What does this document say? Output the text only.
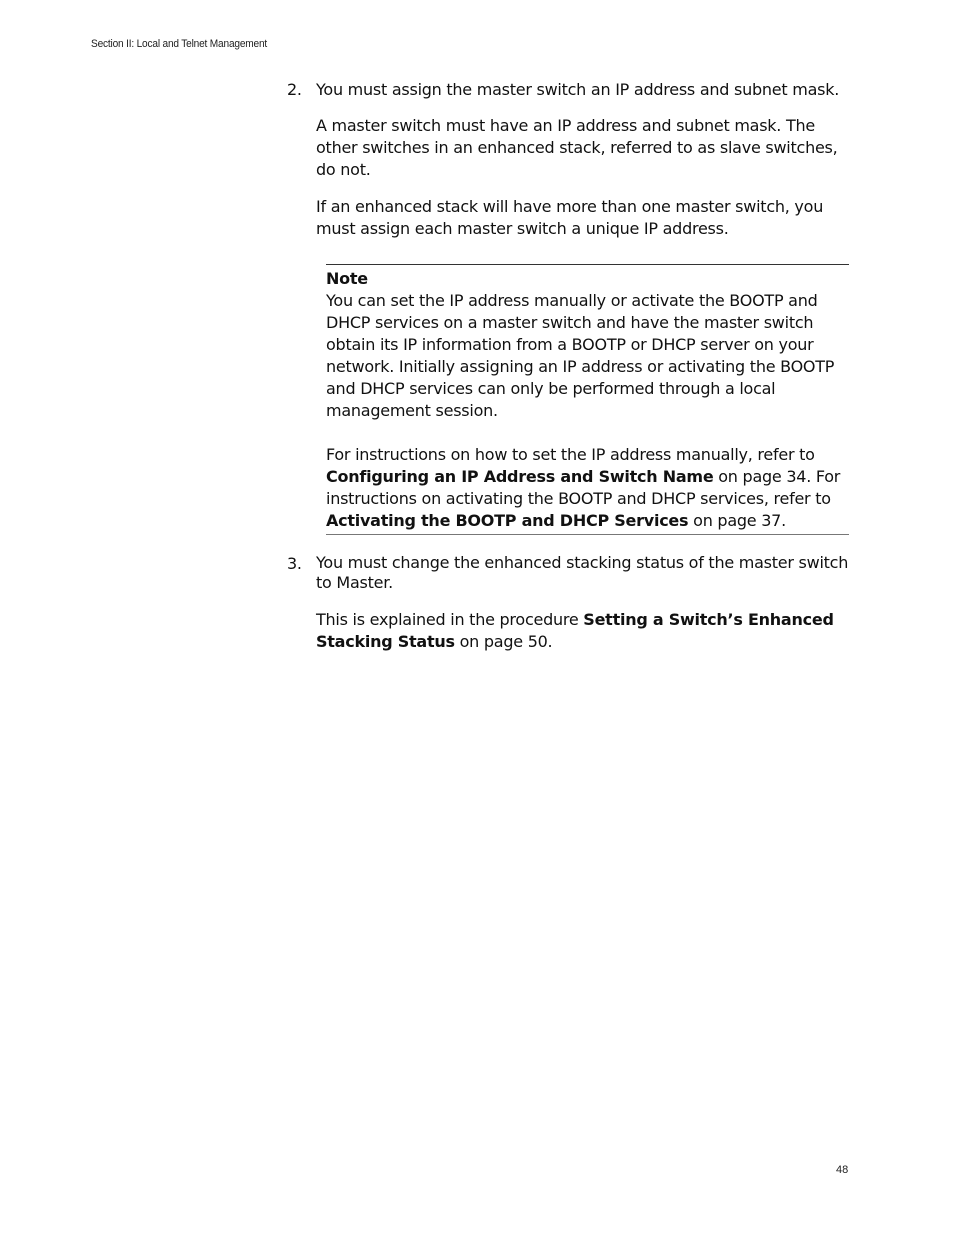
Section II: Local and Telnet Management
2. You must assign the master switch an IP address and subnet mask.
A master switch must have an IP address and subnet mask. The other switches in an enhanced stack, referred to as slave switches, do not.
If an enhanced stack will have more than one master switch, you must assign each master switch a unique IP address.
Note

You can set the IP address manually or activate the BOOTP and DHCP services on a master switch and have the master switch obtain its IP information from a BOOTP or DHCP server on your network. Initially assigning an IP address or activating the BOOTP and DHCP services can only be performed through a local management session.

For instructions on how to set the IP address manually, refer to Configuring an IP Address and Switch Name on page 34. For instructions on activating the BOOTP and DHCP services, refer to Activating the BOOTP and DHCP Services on page 37.

3. You must change the enhanced stacking status of the master switch to Master.
This is explained in the procedure Setting a Switch’s Enhanced Stacking Status on page 50.
48
